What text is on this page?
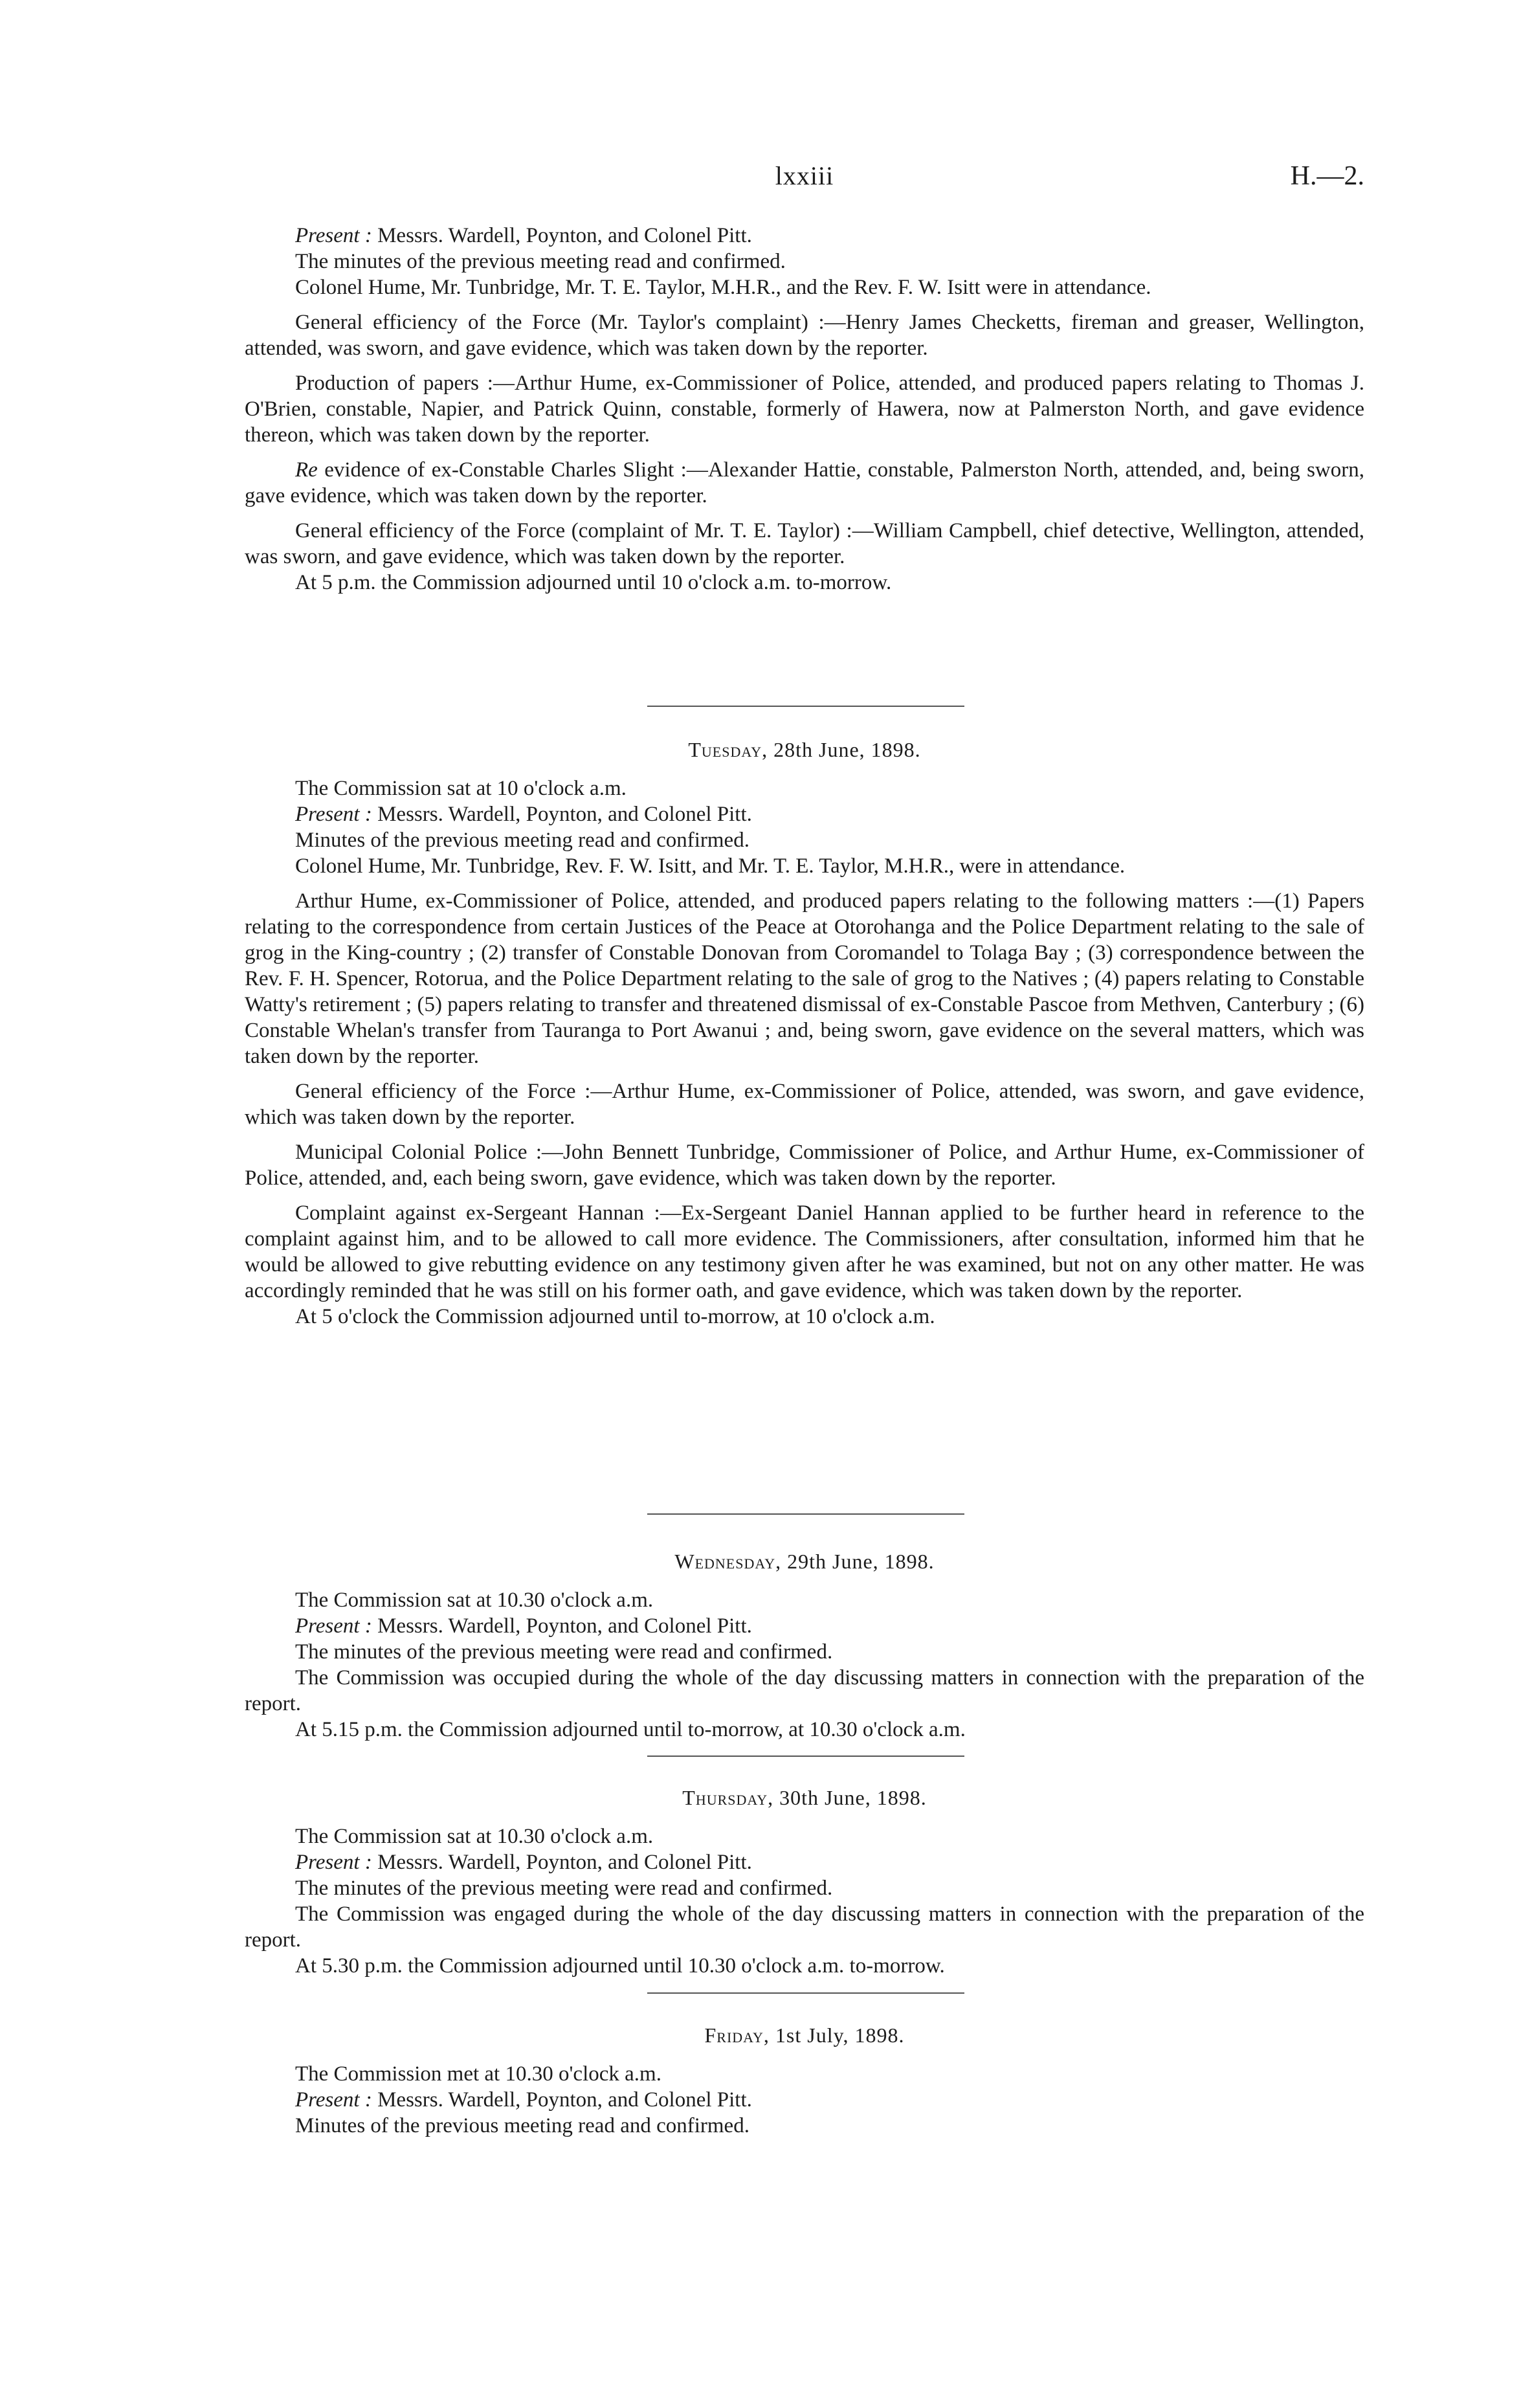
lxxiii	H.—2.

Present : Messrs. Wardell, Poynton, and Colonel Pitt.

The minutes of the previous meeting read and confirmed.

Colonel Hume, Mr. Tunbridge, Mr. T. E. Taylor, M.H.R., and the Rev. F. W. Isitt were in attendance.

General efficiency of the Force (Mr. Taylor's complaint) :—Henry James Checketts, fireman and greaser, Wellington, attended, was sworn, and gave evidence, which was taken down by the reporter.

Production of papers :—Arthur Hume, ex-Commissioner of Police, attended, and produced papers relating to Thomas J. O'Brien, constable, Napier, and Patrick Quinn, constable, formerly of Hawera, now at Palmerston North, and gave evidence thereon, which was taken down by the reporter.

Re evidence of ex-Constable Charles Slight :—Alexander Hattie, constable, Palmerston North, attended, and, being sworn, gave evidence, which was taken down by the reporter.

General efficiency of the Force (complaint of Mr. T. E. Taylor) :—William Campbell, chief detective, Wellington, attended, was sworn, and gave evidence, which was taken down by the reporter.

At 5 p.m. the Commission adjourned until 10 o'clock a.m. to-morrow.

Tuesday, 28th June, 1898.

The Commission sat at 10 o'clock a.m.

Present : Messrs. Wardell, Poynton, and Colonel Pitt.

Minutes of the previous meeting read and confirmed.

Colonel Hume, Mr. Tunbridge, Rev. F. W. Isitt, and Mr. T. E. Taylor, M.H.R., were in attendance.

Arthur Hume, ex-Commissioner of Police, attended, and produced papers relating to the following matters :—(1) Papers relating to the correspondence from certain Justices of the Peace at Otorohanga and the Police Department relating to the sale of grog in the King-country ; (2) transfer of Constable Donovan from Coromandel to Tolaga Bay ; (3) correspondence between the Rev. F. H. Spencer, Rotorua, and the Police Department relating to the sale of grog to the Natives ; (4) papers relating to Constable Watty's retirement ; (5) papers relating to transfer and threatened dismissal of ex-Constable Pascoe from Methven, Canterbury ; (6) Constable Whelan's transfer from Tauranga to Port Awanui ; and, being sworn, gave evidence on the several matters, which was taken down by the reporter.

General efficiency of the Force :—Arthur Hume, ex-Commissioner of Police, attended, was sworn, and gave evidence, which was taken down by the reporter.

Municipal Colonial Police :—John Bennett Tunbridge, Commissioner of Police, and Arthur Hume, ex-Commissioner of Police, attended, and, each being sworn, gave evidence, which was taken down by the reporter.

Complaint against ex-Sergeant Hannan :—Ex-Sergeant Daniel Hannan applied to be further heard in reference to the complaint against him, and to be allowed to call more evidence. The Commissioners, after consultation, informed him that he would be allowed to give rebutting evidence on any testimony given after he was examined, but not on any other matter. He was accordingly reminded that he was still on his former oath, and gave evidence, which was taken down by the reporter.

At 5 o'clock the Commission adjourned until to-morrow, at 10 o'clock a.m.

Wednesday, 29th June, 1898.

The Commission sat at 10.30 o'clock a.m.

Present : Messrs. Wardell, Poynton, and Colonel Pitt.

The minutes of the previous meeting were read and confirmed.

The Commission was occupied during the whole of the day discussing matters in connection with the preparation of the report.

At 5.15 p.m. the Commission adjourned until to-morrow, at 10.30 o'clock a.m.

Thursday, 30th June, 1898.

The Commission sat at 10.30 o'clock a.m.

Present : Messrs. Wardell, Poynton, and Colonel Pitt.

The minutes of the previous meeting were read and confirmed.

The Commission was engaged during the whole of the day discussing matters in connection with the preparation of the report.

At 5.30 p.m. the Commission adjourned until 10.30 o'clock a.m. to-morrow.

Friday, 1st July, 1898.

The Commission met at 10.30 o'clock a.m.

Present : Messrs. Wardell, Poynton, and Colonel Pitt.

Minutes of the previous meeting read and confirmed.
